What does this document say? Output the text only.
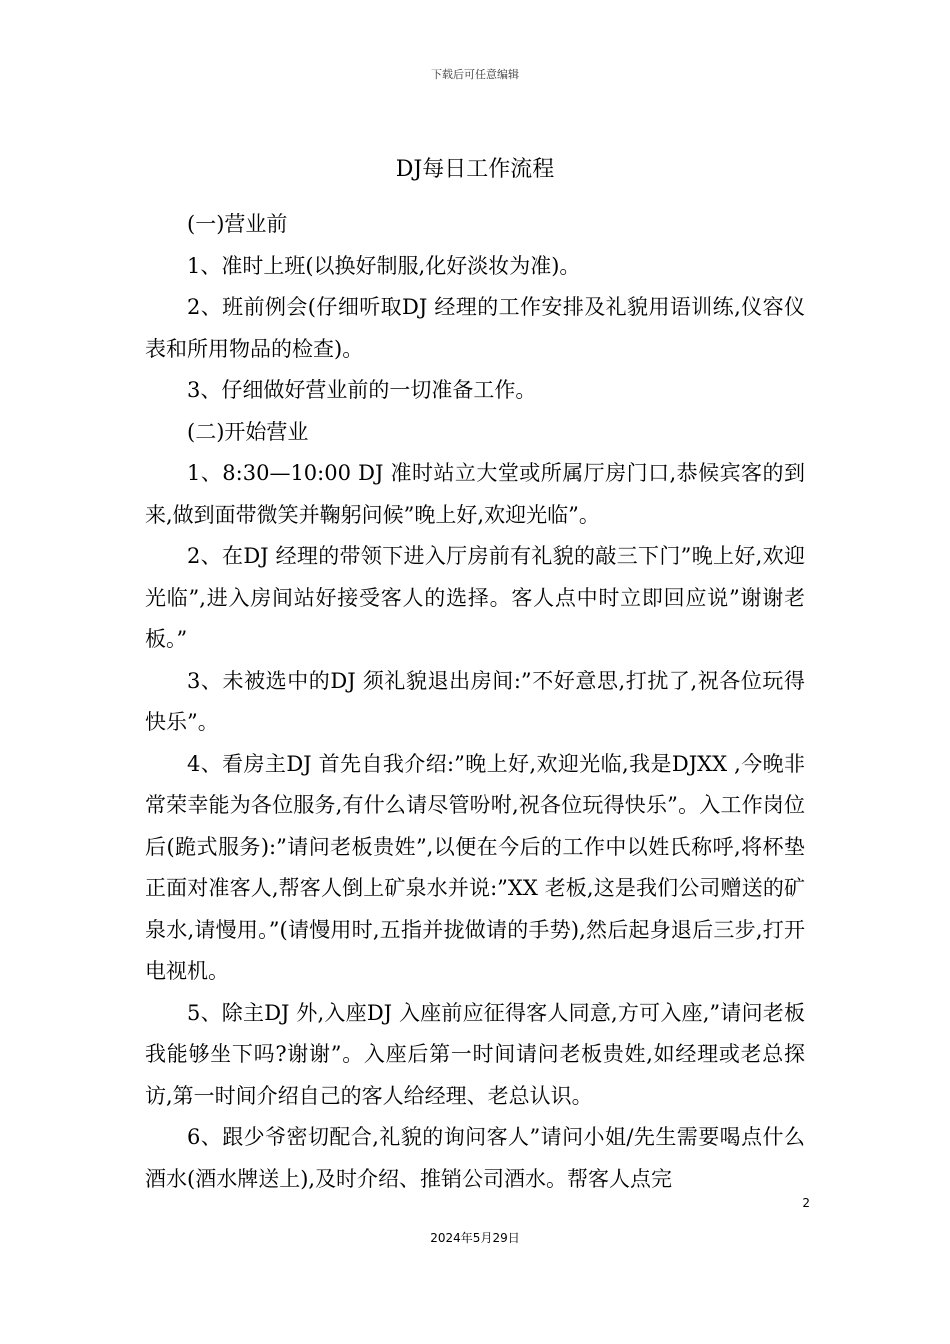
下载后可任意编辑
DJ每日工作流程

(一)营业前

1、准时上班(以换好制服,化好淡妆为准)。

2、班前例会(仔细听取DJ 经理的工作安排及礼貌用语训练,仪容仪表和所用物品的检查)。

3、仔细做好营业前的一切准备工作。

(二)开始营业

1、8:30—10:00 DJ 准时站立大堂或所属厅房门口,恭候宾客的到来,做到面带微笑并鞠躬问候”晚上好,欢迎光临”。

2、在DJ 经理的带领下进入厅房前有礼貌的敲三下门”晚上好,欢迎光临”,进入房间站好接受客人的选择。客人点中时立即回应说”谢谢老板。”

3、未被选中的DJ 须礼貌退出房间:”不好意思,打扰了,祝各位玩得快乐”。

4、看房主DJ 首先自我介绍:”晚上好,欢迎光临,我是DJXX ,今晚非常荣幸能为各位服务,有什么请尽管吩咐,祝各位玩得快乐”。入工作岗位后(跪式服务):”请问老板贵姓”,以便在今后的工作中以姓氏称呼,将杯垫正面对准客人,帮客人倒上矿泉水并说:”XX 老板,这是我们公司赠送的矿泉水,请慢用。”(请慢用时,五指并拢做请的手势),然后起身退后三步,打开电视机。

5、除主DJ 外,入座DJ 入座前应征得客人同意,方可入座,”请问老板我能够坐下吗?谢谢”。入座后第一时间请问老板贵姓,如经理或老总探访,第一时间介绍自己的客人给经理、老总认识。

6、跟少爷密切配合,礼貌的询问客人”请问小姐/先生需要喝点什么酒水(酒水牌送上),及时介绍、推销公司酒水。帮客人点完

2
2024年5月29日
